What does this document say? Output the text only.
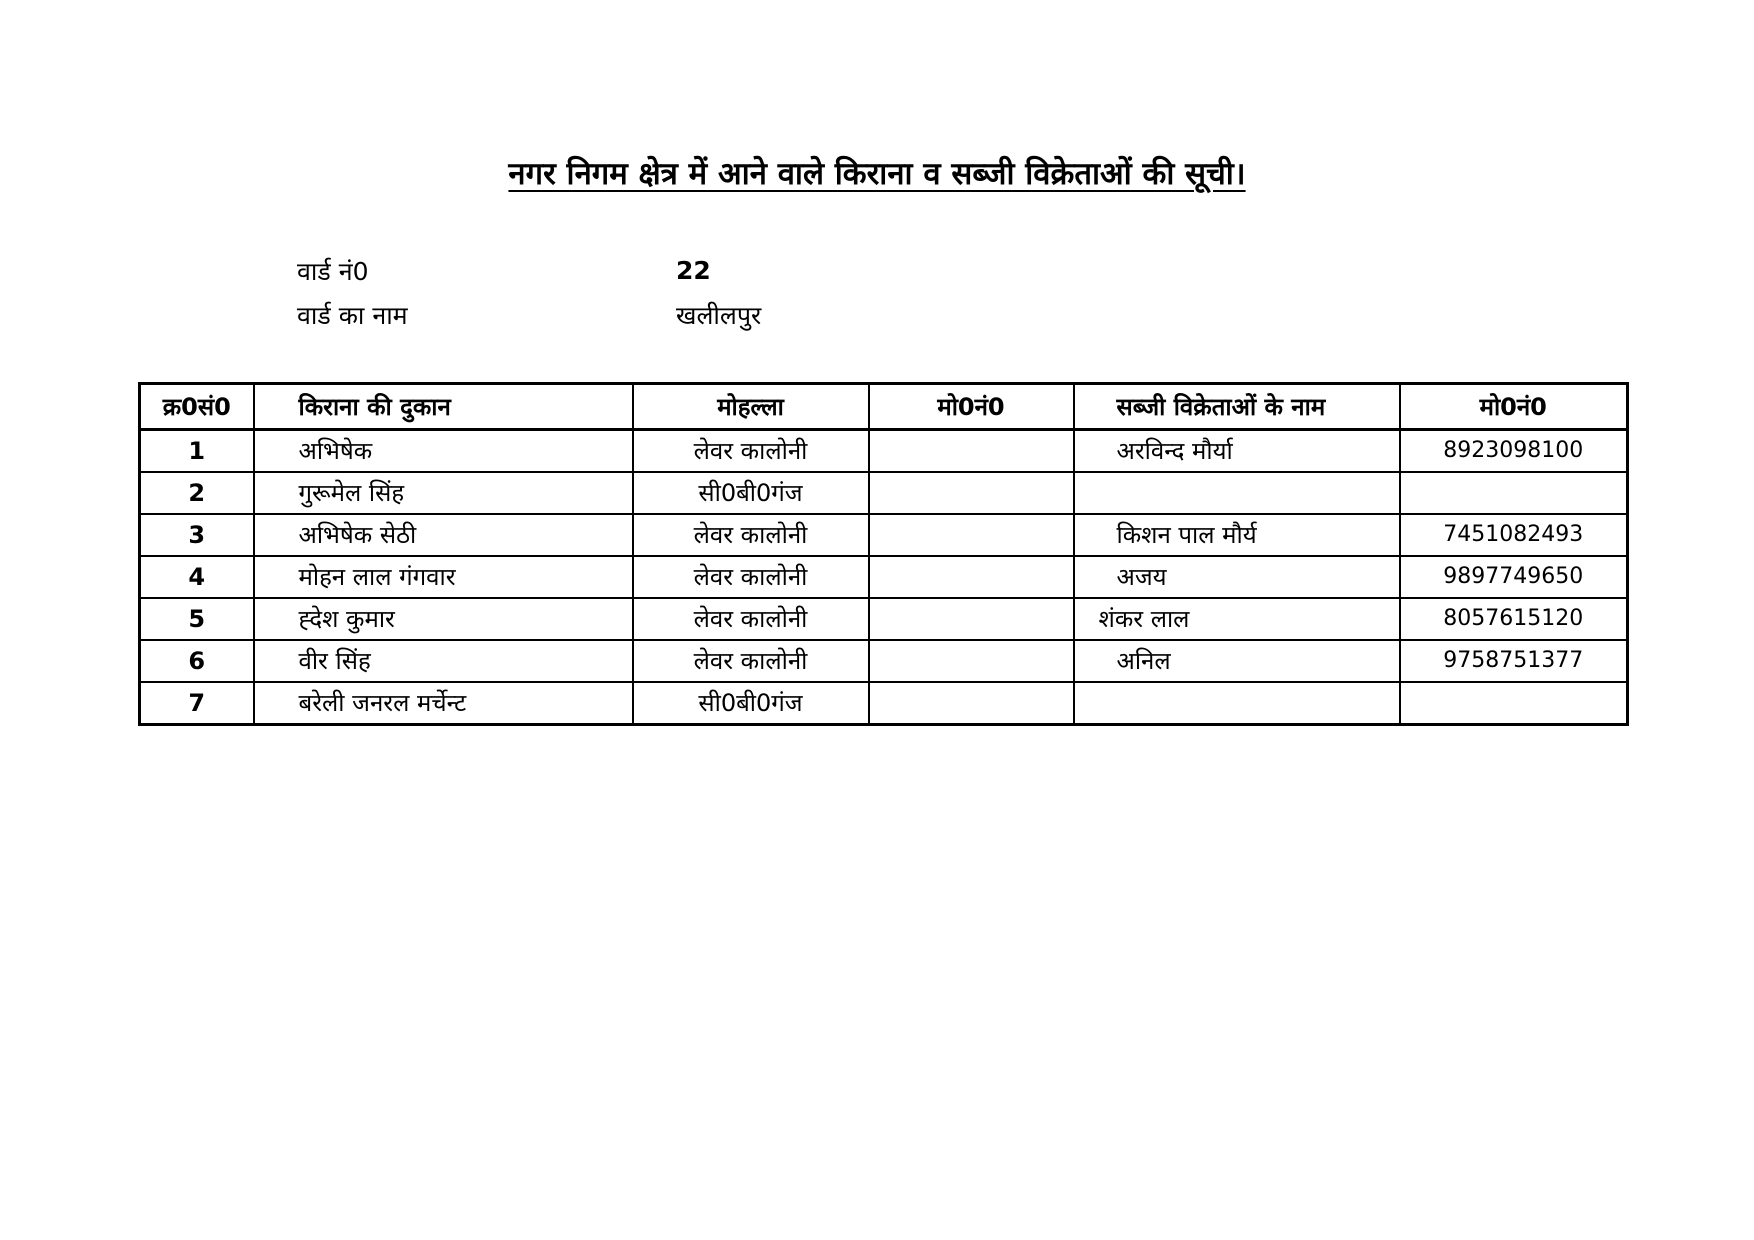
नगर निगम क्षेत्र में आने वाले किराना व सब्जी विक्रेताओं की सूची।
वार्ड नं0	22
वार्ड का नाम	खलीलपुर
क्र0सं0	किराना की दुकान	मोहल्ला	मो0नं0	सब्जी विक्रेताओं के नाम	मो0नं0
1	अभिषेक	लेवर कालोनी		अरविन्द मौर्या	8923098100
2	गुरूमेल सिंह	सी0बी0गंज			
3	अभिषेक सेठी	लेवर कालोनी		किशन पाल मौर्य	7451082493
4	मोहन लाल गंगवार	लेवर कालोनी		अजय	9897749650
5	ह्देश कुमार	लेवर कालोनी		शंकर लाल	8057615120
6	वीर सिंह	लेवर कालोनी		अनिल	9758751377
7	बरेली जनरल मर्चेन्ट	सी0बी0गंज			
